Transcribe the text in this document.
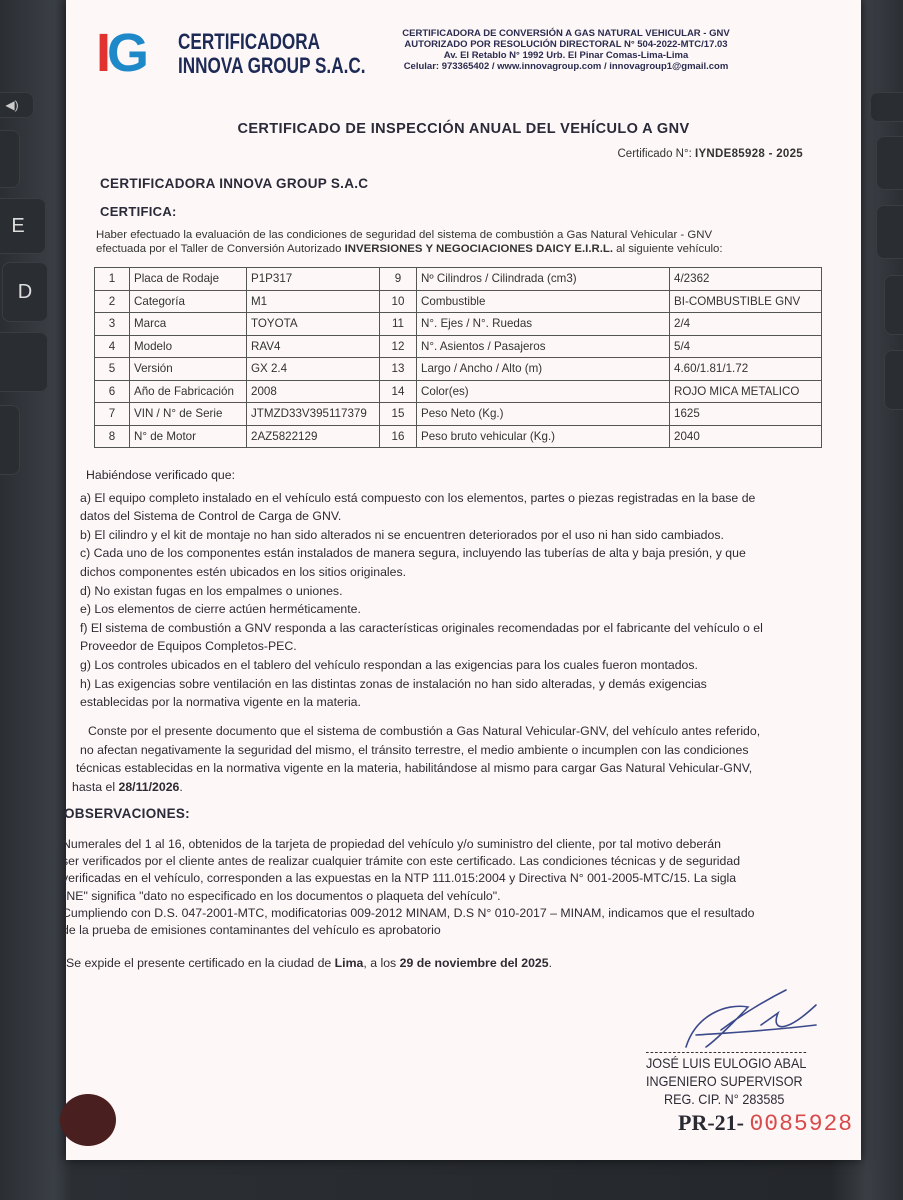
◀)
E
D
IG CERTIFICADORA
INNOVA GROUP S.A.C.
CERTIFICADORA DE CONVERSIÓN A GAS NATURAL VEHICULAR - GNV
AUTORIZADO POR RESOLUCIÓN DIRECTORAL N° 504-2022-MTC/17.03
Av. El Retablo N° 1992 Urb. El Pinar Comas-Lima-Lima
Celular: 973365402 / www.innovagroup.com / innovagroup1@gmail.com
CERTIFICADO DE INSPECCIÓN ANUAL DEL VEHÍCULO A GNV
Certificado N°: IYNDE85928 - 2025
CERTIFICADORA INNOVA GROUP S.A.C
CERTIFICA:
Haber efectuado la evaluación de las condiciones de seguridad del sistema de combustión a Gas Natural Vehicular - GNV
efectuada por el Taller de Conversión Autorizado INVERSIONES Y NEGOCIACIONES DAICY E.I.R.L. al siguiente vehículo:
1	Placa de Rodaje	P1P317	9	Nº Cilindros / Cilindrada (cm3)	4/2362
2	Categoría	M1	10	Combustible	BI-COMBUSTIBLE GNV
3	Marca	TOYOTA	11	N°. Ejes / N°. Ruedas	2/4
4	Modelo	RAV4	12	N°. Asientos / Pasajeros	5/4
5	Versión	GX 2.4	13	Largo / Ancho / Alto (m)	4.60/1.81/1.72
6	Año de Fabricación	2008	14	Color(es)	ROJO MICA METALICO
7	VIN / N° de Serie	JTMZD33V395117379	15	Peso Neto (Kg.)	1625
8	N° de Motor	2AZ5822129	16	Peso bruto vehicular (Kg.)	2040
Habiéndose verificado que:
a) El equipo completo instalado en el vehículo está compuesto con los elementos, partes o piezas registradas en la base de
datos del Sistema de Control de Carga de GNV.
b) El cilindro y el kit de montaje no han sido alterados ni se encuentren deteriorados por el uso ni han sido cambiados.
c) Cada uno de los componentes están instalados de manera segura, incluyendo las tuberías de alta y baja presión, y que
dichos componentes estén ubicados en los sitios originales.
d) No existan fugas en los empalmes o uniones.
e) Los elementos de cierre actúen herméticamente.
f) El sistema de combustión a GNV responda a las características originales recomendadas por el fabricante del vehículo o el
Proveedor de Equipos Completos-PEC.
g) Los controles ubicados en el tablero del vehículo respondan a las exigencias para los cuales fueron montados.
h) Las exigencias sobre ventilación en las distintas zonas de instalación no han sido alteradas, y demás exigencias
establecidas por la normativa vigente en la materia.
Conste por el presente documento que el sistema de combustión a Gas Natural Vehicular-GNV, del vehículo antes referido,
no afectan negativamente la seguridad del mismo, el tránsito terrestre, el medio ambiente o incumplen con las condiciones
técnicas establecidas en la normativa vigente en la materia, habilitándose al mismo para cargar Gas Natural Vehicular-GNV,
hasta el 28/11/2026.
OBSERVACIONES:
Numerales del 1 al 16, obtenidos de la tarjeta de propiedad del vehículo y/o suministro del cliente, por tal motivo deberán
ser verificados por el cliente antes de realizar cualquier trámite con este certificado. Las condiciones técnicas y de seguridad
verificadas en el vehículo, corresponden a las expuestas en la NTP 111.015:2004 y Directiva N° 001-2005-MTC/15. La sigla
"NE" significa "dato no especificado en los documentos o plaqueta del vehículo".
Cumpliendo con D.S. 047-2001-MTC, modificatorias 009-2012 MINAM, D.S N° 010-2017 – MINAM, indicamos que el resultado
de la prueba de emisiones contaminantes del vehículo es aprobatorio
Se expide el presente certificado en la ciudad de Lima, a los 29 de noviembre del 2025.
JOSÉ LUIS EULOGIO ABAL
INGENIERO SUPERVISOR
REG. CIP. N° 283585
PR-21- 0085928
